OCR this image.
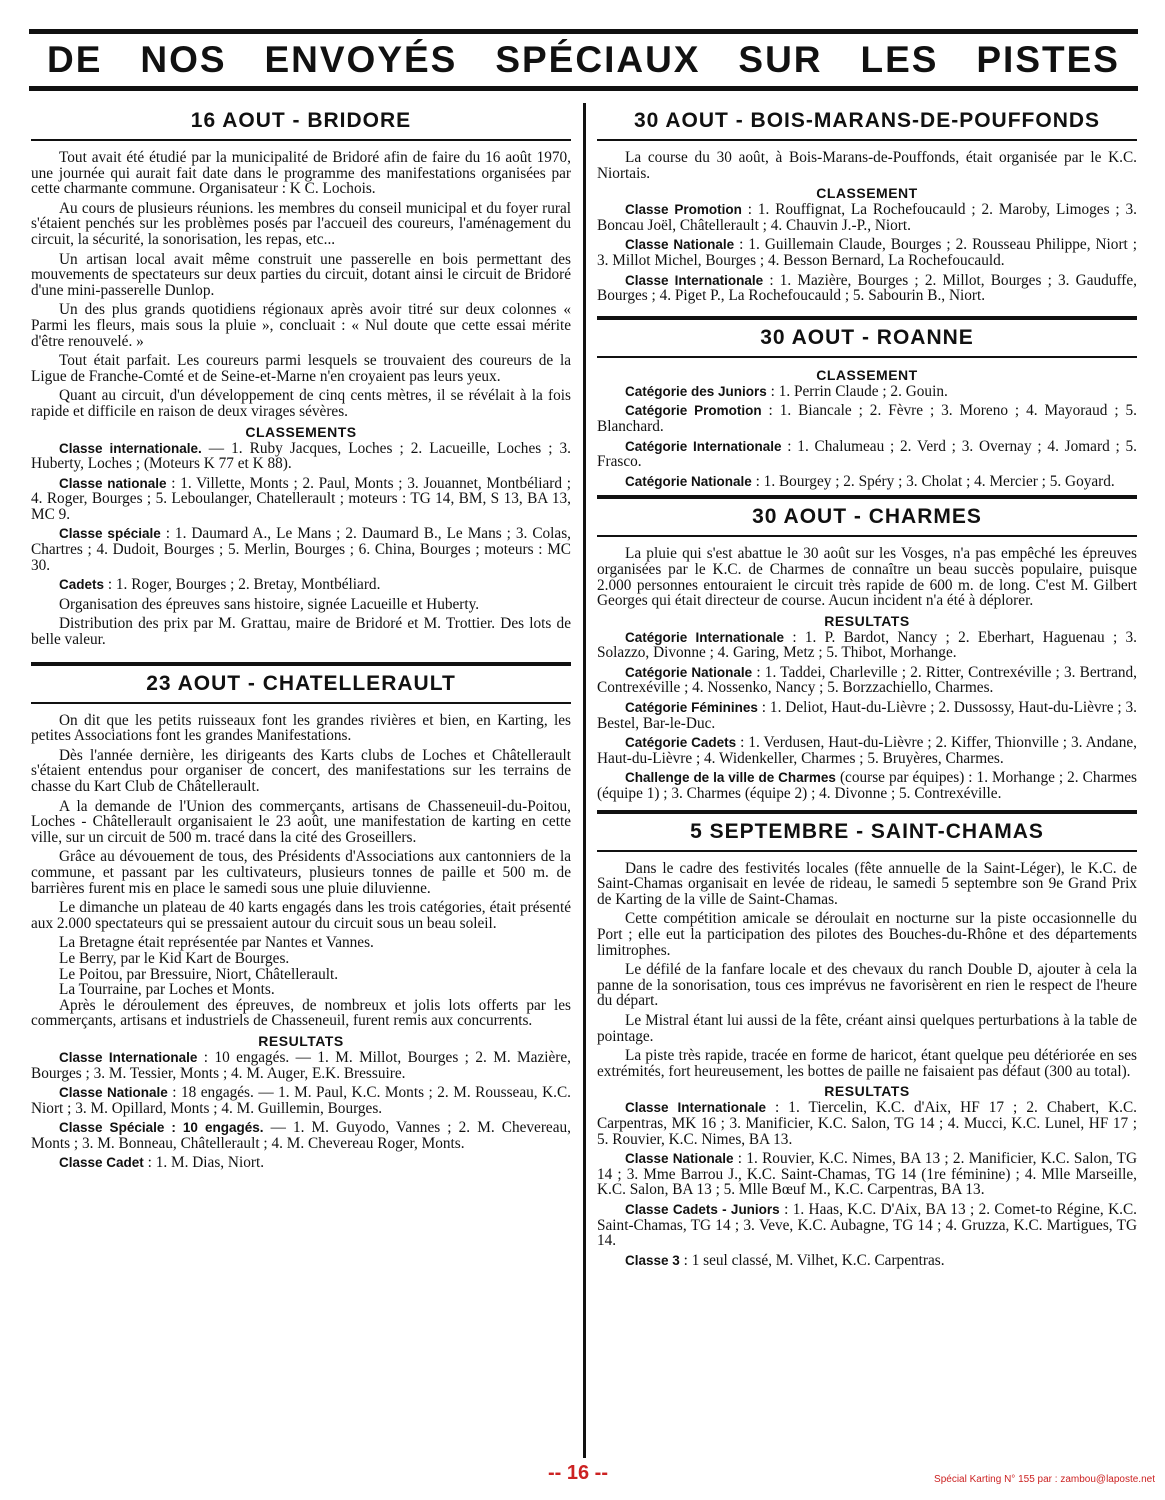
DE NOS ENVOYÉS SPÉCIAUX SUR LES PISTES
16 AOUT - BRIDORE

Tout avait été étudié par la municipalité de Bridoré afin de faire du 16 août 1970, une journée qui aurait fait date dans le programme des manifestations organisées par cette charmante commune. Organisateur : K C. Lochois.

Au cours de plusieurs réunions. les membres du conseil municipal et du foyer rural s'étaient penchés sur les problèmes posés par l'accueil des coureurs, l'aménagement du circuit, la sécurité, la sonorisation, les repas, etc...

Un artisan local avait même construit une passerelle en bois permettant des mouvements de spectateurs sur deux parties du circuit, dotant ainsi le circuit de Bridoré d'une mini-passerelle Dunlop.

Un des plus grands quotidiens régionaux après avoir titré sur deux colonnes « Parmi les fleurs, mais sous la pluie », concluait : « Nul doute que cette essai mérite d'être renouvelé. »

Tout était parfait. Les coureurs parmi lesquels se trouvaient des coureurs de la Ligue de Franche-Comté et de Seine-et-Marne n'en croyaient pas leurs yeux.

Quant au circuit, d'un développement de cinq cents mètres, il se révélait à la fois rapide et difficile en raison de deux virages sévères.

CLASSEMENTS

Classe internationale. — 1. Ruby Jacques, Loches ; 2. Lacueille, Loches ; 3. Huberty, Loches ; (Moteurs K 77 et K 88).

Classe nationale : 1. Villette, Monts ; 2. Paul, Monts ; 3. Jouannet, Montbéliard ; 4. Roger, Bourges ; 5. Leboulanger, Chatellerault ; moteurs : TG 14, BM, S 13, BA 13, MC 9.

Classe spéciale : 1. Daumard A., Le Mans ; 2. Daumard B., Le Mans ; 3. Colas, Chartres ; 4. Dudoit, Bourges ; 5. Merlin, Bourges ; 6. China, Bourges ; moteurs : MC 30.

Cadets : 1. Roger, Bourges ; 2. Bretay, Montbéliard.

Organisation des épreuves sans histoire, signée Lacueille et Huberty.

Distribution des prix par M. Grattau, maire de Bridoré et M. Trottier. Des lots de belle valeur.

23 AOUT - CHATELLERAULT

On dit que les petits ruisseaux font les grandes rivières et bien, en Karting, les petites Associations font les grandes Manifestations.

Dès l'année dernière, les dirigeants des Karts clubs de Loches et Châtellerault s'étaient entendus pour organiser de concert, des manifestations sur les terrains de chasse du Kart Club de Châtellerault.

A la demande de l'Union des commerçants, artisans de Chasseneuil-du-Poitou, Loches - Châtellerault organisaient le 23 août, une manifestation de karting en cette ville, sur un circuit de 500 m. tracé dans la cité des Groseillers.

Grâce au dévouement de tous, des Présidents d'Associations aux cantonniers de la commune, et passant par les cultivateurs, plusieurs tonnes de paille et 500 m. de barrières furent mis en place le samedi sous une pluie diluvienne.

Le dimanche un plateau de 40 karts engagés dans les trois catégories, était présenté aux 2.000 spectateurs qui se pressaient autour du circuit sous un beau soleil.

La Bretagne était représentée par Nantes et Vannes.

Le Berry, par le Kid Kart de Bourges.

Le Poitou, par Bressuire, Niort, Châtellerault.

La Tourraine, par Loches et Monts.

Après le déroulement des épreuves, de nombreux et jolis lots offerts par les commerçants, artisans et industriels de Chasseneuil, furent remis aux concurrents.

RESULTATS

Classe Internationale : 10 engagés. — 1. M. Millot, Bourges ; 2. M. Mazière, Bourges ; 3. M. Tessier, Monts ; 4. M. Auger, E.K. Bressuire.

Classe Nationale : 18 engagés. — 1. M. Paul, K.C. Monts ; 2. M. Rousseau, K.C. Niort ; 3. M. Opillard, Monts ; 4. M. Guillemin, Bourges.

Classe Spéciale : 10 engagés. — 1. M. Guyodo, Vannes ; 2. M. Chevereau, Monts ; 3. M. Bonneau, Châtellerault ; 4. M. Chevereau Roger, Monts.

Classe Cadet : 1. M. Dias, Niort.

30 AOUT - BOIS-MARANS-DE-POUFFONDS

La course du 30 août, à Bois-Marans-de-Pouffonds, était organisée par le K.C. Niortais.

CLASSEMENT

Classe Promotion : 1. Rouffignat, La Rochefoucauld ; 2. Maroby, Limoges ; 3. Boncau Joël, Châtellerault ; 4. Chauvin J.-P., Niort.

Classe Nationale : 1. Guillemain Claude, Bourges ; 2. Rousseau Philippe, Niort ; 3. Millot Michel, Bourges ; 4. Besson Bernard, La Rochefoucauld.

Classe Internationale : 1. Mazière, Bourges ; 2. Millot, Bourges ; 3. Gauduffe, Bourges ; 4. Piget P., La Rochefoucauld ; 5. Sabourin B., Niort.

30 AOUT - ROANNE
CLASSEMENT

Catégorie des Juniors : 1. Perrin Claude ; 2. Gouin.

Catégorie Promotion : 1. Biancale ; 2. Fèvre ; 3. Moreno ; 4. Mayoraud ; 5. Blanchard.

Catégorie Internationale : 1. Chalumeau ; 2. Verd ; 3. Overnay ; 4. Jomard ; 5. Frasco.

Catégorie Nationale : 1. Bourgey ; 2. Spéry ; 3. Cholat ; 4. Mercier ; 5. Goyard.

30 AOUT - CHARMES

La pluie qui s'est abattue le 30 août sur les Vosges, n'a pas empêché les épreuves organisées par le K.C. de Charmes de connaître un beau succès populaire, puisque 2.000 personnes entouraient le circuit très rapide de 600 m. de long. C'est M. Gilbert Georges qui était directeur de course. Aucun incident n'a été à déplorer.

RESULTATS

Catégorie Internationale : 1. P. Bardot, Nancy ; 2. Eberhart, Haguenau ; 3. Solazzo, Divonne ; 4. Garing, Metz ; 5. Thibot, Morhange.

Catégorie Nationale : 1. Taddei, Charleville ; 2. Ritter, Contrexéville ; 3. Bertrand, Contrexéville ; 4. Nossenko, Nancy ; 5. Borzzachiello, Charmes.

Catégorie Féminines : 1. Deliot, Haut-du-Lièvre ; 2. Dussossy, Haut-du-Lièvre ; 3. Bestel, Bar-le-Duc.

Catégorie Cadets : 1. Verdusen, Haut-du-Lièvre ; 2. Kiffer, Thionville ; 3. Andane, Haut-du-Lièvre ; 4. Widenkeller, Charmes ; 5. Bruyères, Charmes.

Challenge de la ville de Charmes (course par équipes) : 1. Morhange ; 2. Charmes (équipe 1) ; 3. Charmes (équipe 2) ; 4. Divonne ; 5. Contrexéville.

5 SEPTEMBRE - SAINT-CHAMAS

Dans le cadre des festivités locales (fête annuelle de la Saint-Léger), le K.C. de Saint-Chamas organisait en levée de rideau, le samedi 5 septembre son 9e Grand Prix de Karting de la ville de Saint-Chamas.

Cette compétition amicale se déroulait en nocturne sur la piste occasionnelle du Port ; elle eut la participation des pilotes des Bouches-du-Rhône et des départements limitrophes.

Le défilé de la fanfare locale et des chevaux du ranch Double D, ajouter à cela la panne de la sonorisation, tous ces imprévus ne favorisèrent en rien le respect de l'heure du départ.

Le Mistral étant lui aussi de la fête, créant ainsi quelques perturbations à la table de pointage.

La piste très rapide, tracée en forme de haricot, étant quelque peu détériorée en ses extrémités, fort heureusement, les bottes de paille ne faisaient pas défaut (300 au total).

RESULTATS

Classe Internationale : 1. Tiercelin, K.C. d'Aix, HF 17 ; 2. Chabert, K.C. Carpentras, MK 16 ; 3. Manificier, K.C. Salon, TG 14 ; 4. Mucci, K.C. Lunel, HF 17 ; 5. Rouvier, K.C. Nimes, BA 13.

Classe Nationale : 1. Rouvier, K.C. Nimes, BA 13 ; 2. Manificier, K.C. Salon, TG 14 ; 3. Mme Barrou J., K.C. Saint-Chamas, TG 14 (1re féminine) ; 4. Mlle Marseille, K.C. Salon, BA 13 ; 5. Mlle Bœuf M., K.C. Carpentras, BA 13.

Classe Cadets - Juniors : 1. Haas, K.C. D'Aix, BA 13 ; 2. Comet-to Régine, K.C. Saint-Chamas, TG 14 ; 3. Veve, K.C. Aubagne, TG 14 ; 4. Gruzza, K.C. Martigues, TG 14.

Classe 3 : 1 seul classé, M. Vilhet, K.C. Carpentras.

-- 16 --	Spécial Karting N° 155 par : zambou@laposte.net
